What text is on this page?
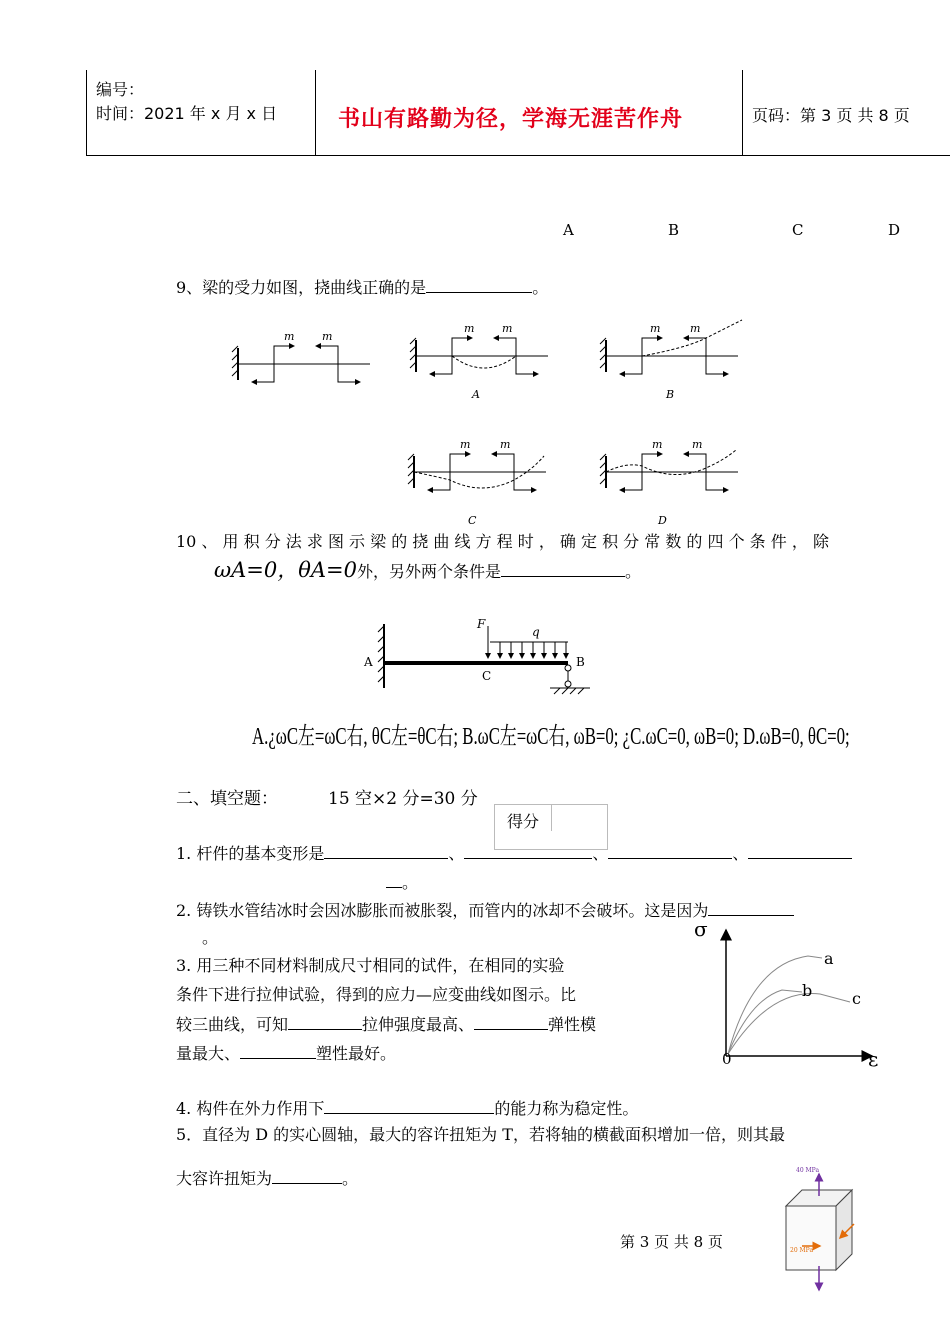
编号：
时间：2021 年 x 月 x 日	书山有路勤为径，学海无涯苦作舟	页码：第 3 页 共 8 页
A	B	C	D
9、梁的受力如图，挠曲线正确的是	。
m	m
m	m
A
m	m
B
m	m
C
m	m
D
10 、 用 积 分 法 求 图 示 梁 的 挠 曲 线 方 程 时 ， 确 定 积 分 常 数 的 四 个 条 件 ， 除
ωA=0，θA=0外，另外两个条件是	。
A
F
q
C
B
A.¿ωC左=ωC右, θC左=θC右; B.ωC左=ωC右, ωB=0; ¿C.ωC=0, ωB=0; D.ωB=0, θC=0;
二、填空题：	15 空×2 分=30 分
得分
1. 杆件的基本变形是	、	、	、
。
2. 铸铁水管结冰时会因冰膨胀而被胀裂，而管内的冰却不会破坏。这是因为
。
3. 用三种不同材料制成尺寸相同的试件，在相同的实验
条件下进行拉伸试验，得到的应力—应变曲线如图示。比
较三曲线，可知	拉伸强度最高、	弹性模
量最大、	塑性最好。
σ
ε
0
a
b c
4. 构件在外力作用下	的能力称为稳定性。
5．直径为 D 的实心圆轴，最大的容许扭矩为 T，若将轴的横截面积增加一倍，则其最
大容许扭矩为	。	40 MPa
20 MPa
第 3 页 共 8 页
